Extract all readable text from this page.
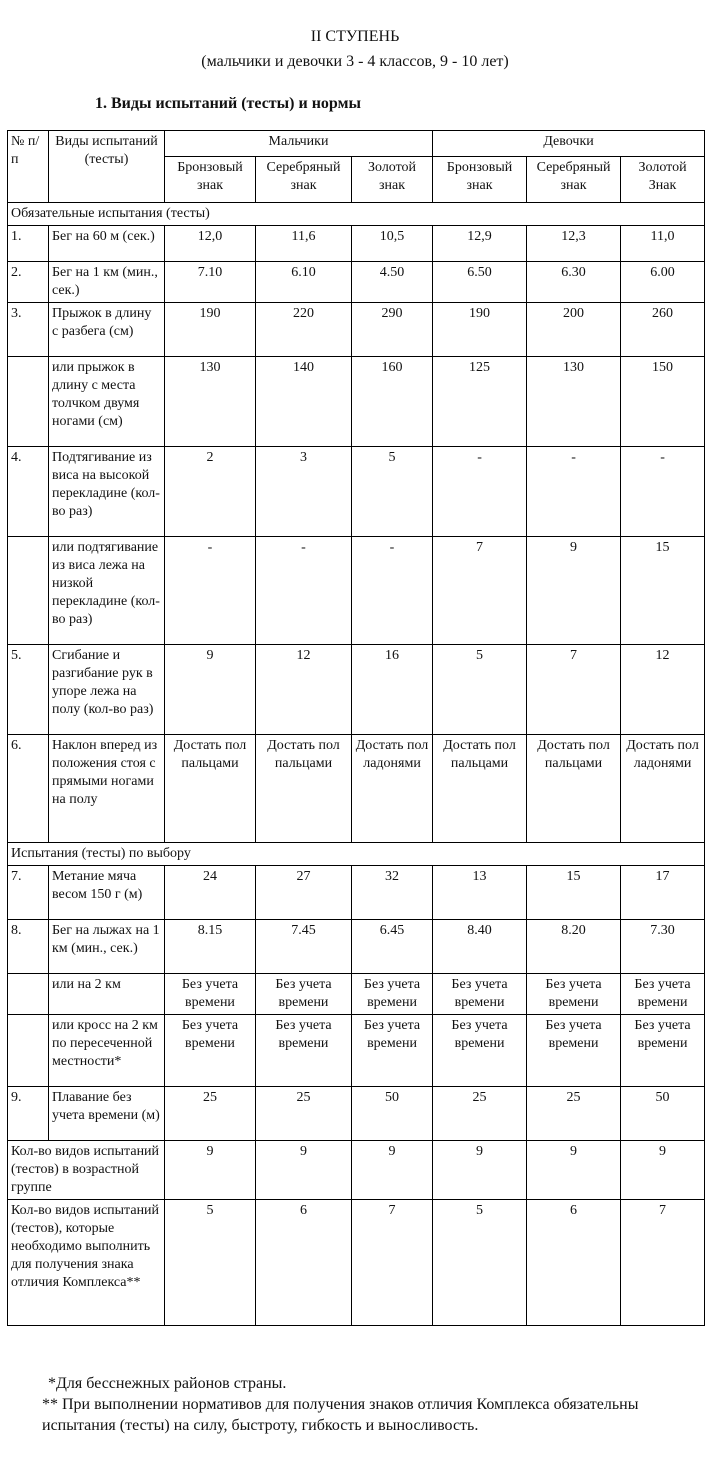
II СТУПЕНЬ
(мальчики и девочки 3 - 4 классов, 9 - 10 лет)
1. Виды испытаний (тесты) и нормы
№ п/п	Виды испытаний (тесты)	Мальчики			Девочки		
		Бронзовый знак	Серебряный знак	Золотой знак	Бронзовый знак	Серебряный знак	Золотой Знак
Обязательные испытания (тесты)							
1.	Бег на 60 м (сек.)	12,0	11,6	10,5	12,9	12,3	11,0
2.	Бег на 1 км (мин., сек.)	7.10	6.10	4.50	6.50	6.30	6.00
3.	Прыжок в длину с разбега (см)	190	220	290	190	200	260
	или прыжок в длину с места толчком двумя ногами (см)	130	140	160	125	130	150
4.	Подтягивание из виса на высокой перекладине (кол-во раз)	2	3	5	-	-	-
	или подтягивание из виса лежа на низкой перекладине (кол-во раз)	-	-	-	7	9	15
5.	Сгибание и разгибание рук в упоре лежа на полу (кол-во раз)	9	12	16	5	7	12
6.	Наклон вперед из положения стоя с прямыми ногами на полу	Достать пол пальцами	Достать пол пальцами	Достать пол ладонями	Достать пол пальцами	Достать пол пальцами	Достать пол ладонями
Испытания (тесты) по выбору							
7.	Метание мяча весом 150 г (м)	24	27	32	13	15	17
8.	Бег на лыжах на 1 км (мин., сек.)	8.15	7.45	6.45	8.40	8.20	7.30
	или на 2 км	Без учета времени	Без учета времени	Без учета времени	Без учета времени	Без учета времени	Без учета времени
	или кросс на 2 км по пересеченной местности*	Без учета времени	Без учета времени	Без учета времени	Без учета времени	Без учета времени	Без учета времени
9.	Плавание без учета времени (м)	25	25	50	25	25	50
Кол-во видов испытаний (тестов) в возрастной группе		9	9	9	9	9	9
Кол-во видов испытаний (тестов), которые необходимо выполнить для получения знака отличия Комплекса**		5	6	7	5	6	7
*Для бесснежных районов страны.
** При выполнении нормативов для получения знаков отличия Комплекса обязательны испытания (тесты) на силу, быстроту, гибкость и выносливость.
